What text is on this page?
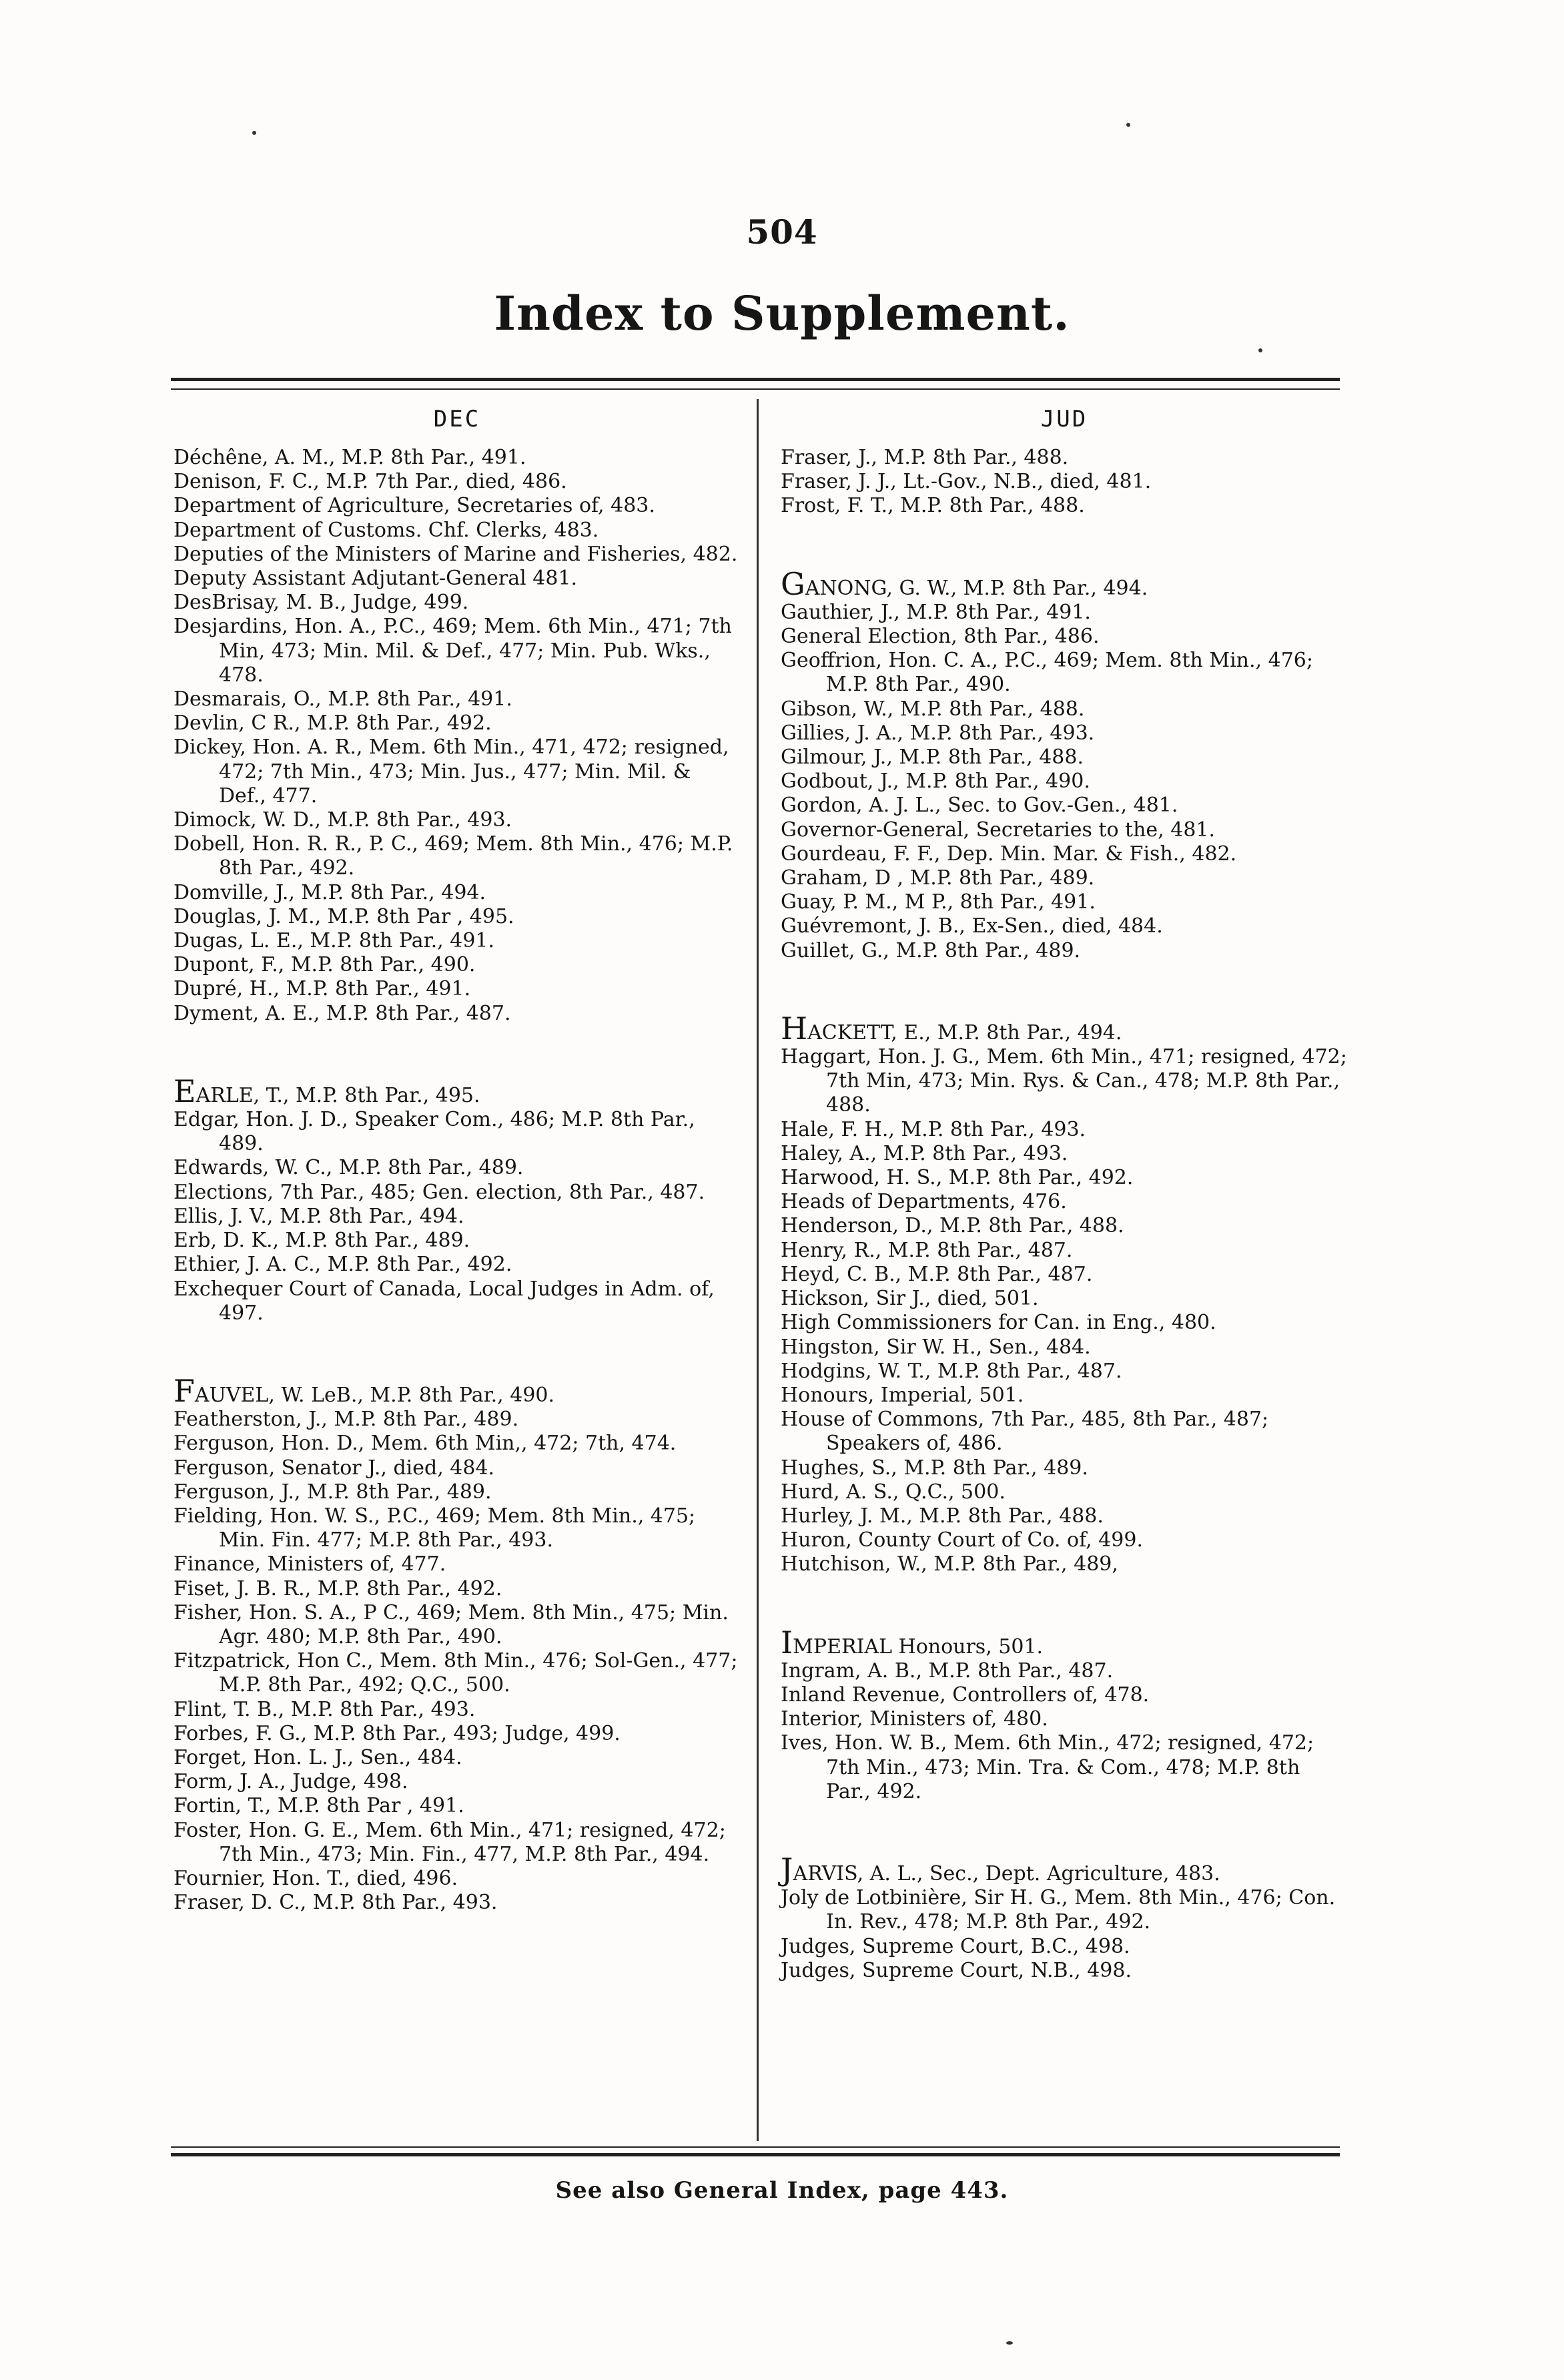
504
Index to Supplement.
DEC
Déchêne, A. M., M.P. 8th Par., 491.
Denison, F. C., M.P. 7th Par., died, 486.
Department of Agriculture, Secretaries of, 483.
Department of Customs. Chf. Clerks, 483.
Deputies of the Ministers of Marine and Fisheries, 482.
Deputy Assistant Adjutant-General 481.
DesBrisay, M. B., Judge, 499.
Desjardins, Hon. A., P.C., 469; Mem. 6th Min., 471; 7th Min, 473; Min. Mil. & Def., 477; Min. Pub. Wks., 478.
Desmarais, O., M.P. 8th Par., 491.
Devlin, C R., M.P. 8th Par., 492.
Dickey, Hon. A. R., Mem. 6th Min., 471, 472; resigned, 472; 7th Min., 473; Min. Jus., 477; Min. Mil. & Def., 477.
Dimock, W. D., M.P. 8th Par., 493.
Dobell, Hon. R. R., P. C., 469; Mem. 8th Min., 476; M.P. 8th Par., 492.
Domville, J., M.P. 8th Par., 494.
Douglas, J. M., M.P. 8th Par , 495.
Dugas, L. E., M.P. 8th Par., 491.
Dupont, F., M.P. 8th Par., 490.
Dupré, H., M.P. 8th Par., 491.
Dyment, A. E., M.P. 8th Par., 487.
EARLE, T., M.P. 8th Par., 495.
Edgar, Hon. J. D., Speaker Com., 486; M.P. 8th Par., 489.
Edwards, W. C., M.P. 8th Par., 489.
Elections, 7th Par., 485; Gen. election, 8th Par., 487.
Ellis, J. V., M.P. 8th Par., 494.
Erb, D. K., M.P. 8th Par., 489.
Ethier, J. A. C., M.P. 8th Par., 492.
Exchequer Court of Canada, Local Judges in Adm. of, 497.
FAUVEL, W. LeB., M.P. 8th Par., 490.
Featherston, J., M.P. 8th Par., 489.
Ferguson, Hon. D., Mem. 6th Min,, 472; 7th, 474.
Ferguson, Senator J., died, 484.
Ferguson, J., M.P. 8th Par., 489.
Fielding, Hon. W. S., P.C., 469; Mem. 8th Min., 475; Min. Fin. 477; M.P. 8th Par., 493.
Finance, Ministers of, 477.
Fiset, J. B. R., M.P. 8th Par., 492.
Fisher, Hon. S. A., P C., 469; Mem. 8th Min., 475; Min. Agr. 480; M.P. 8th Par., 490.
Fitzpatrick, Hon C., Mem. 8th Min., 476; Sol-Gen., 477; M.P. 8th Par., 492; Q.C., 500.
Flint, T. B., M.P. 8th Par., 493.
Forbes, F. G., M.P. 8th Par., 493; Judge, 499.
Forget, Hon. L. J., Sen., 484.
Form, J. A., Judge, 498.
Fortin, T., M.P. 8th Par , 491.
Foster, Hon. G. E., Mem. 6th Min., 471; resigned, 472; 7th Min., 473; Min. Fin., 477, M.P. 8th Par., 494.
Fournier, Hon. T., died, 496.
Fraser, D. C., M.P. 8th Par., 493.
JUD
Fraser, J., M.P. 8th Par., 488.
Fraser, J. J., Lt.-Gov., N.B., died, 481.
Frost, F. T., M.P. 8th Par., 488.
GANONG, G. W., M.P. 8th Par., 494.
Gauthier, J., M.P. 8th Par., 491.
General Election, 8th Par., 486.
Geoffrion, Hon. C. A., P.C., 469; Mem. 8th Min., 476; M.P. 8th Par., 490.
Gibson, W., M.P. 8th Par., 488.
Gillies, J. A., M.P. 8th Par., 493.
Gilmour, J., M.P. 8th Par., 488.
Godbout, J., M.P. 8th Par., 490.
Gordon, A. J. L., Sec. to Gov.-Gen., 481.
Governor-General, Secretaries to the, 481.
Gourdeau, F. F., Dep. Min. Mar. & Fish., 482.
Graham, D , M.P. 8th Par., 489.
Guay, P. M., M P., 8th Par., 491.
Guévremont, J. B., Ex-Sen., died, 484.
Guillet, G., M.P. 8th Par., 489.
HACKETT, E., M.P. 8th Par., 494.
Haggart, Hon. J. G., Mem. 6th Min., 471; resigned, 472; 7th Min, 473; Min. Rys. & Can., 478; M.P. 8th Par., 488.
Hale, F. H., M.P. 8th Par., 493.
Haley, A., M.P. 8th Par., 493.
Harwood, H. S., M.P. 8th Par., 492.
Heads of Departments, 476.
Henderson, D., M.P. 8th Par., 488.
Henry, R., M.P. 8th Par., 487.
Heyd, C. B., M.P. 8th Par., 487.
Hickson, Sir J., died, 501.
High Commissioners for Can. in Eng., 480.
Hingston, Sir W. H., Sen., 484.
Hodgins, W. T., M.P. 8th Par., 487.
Honours, Imperial, 501.
House of Commons, 7th Par., 485, 8th Par., 487; Speakers of, 486.
Hughes, S., M.P. 8th Par., 489.
Hurd, A. S., Q.C., 500.
Hurley, J. M., M.P. 8th Par., 488.
Huron, County Court of Co. of, 499.
Hutchison, W., M.P. 8th Par., 489,
IMPERIAL Honours, 501.
Ingram, A. B., M.P. 8th Par., 487.
Inland Revenue, Controllers of, 478.
Interior, Ministers of, 480.
Ives, Hon. W. B., Mem. 6th Min., 472; resigned, 472; 7th Min., 473; Min. Tra. & Com., 478; M.P. 8th Par., 492.
JARVIS, A. L., Sec., Dept. Agriculture, 483.
Joly de Lotbinière, Sir H. G., Mem. 8th Min., 476; Con. In. Rev., 478; M.P. 8th Par., 492.
Judges, Supreme Court, B.C., 498.
Judges, Supreme Court, N.B., 498.
See also General Index, page 443.
